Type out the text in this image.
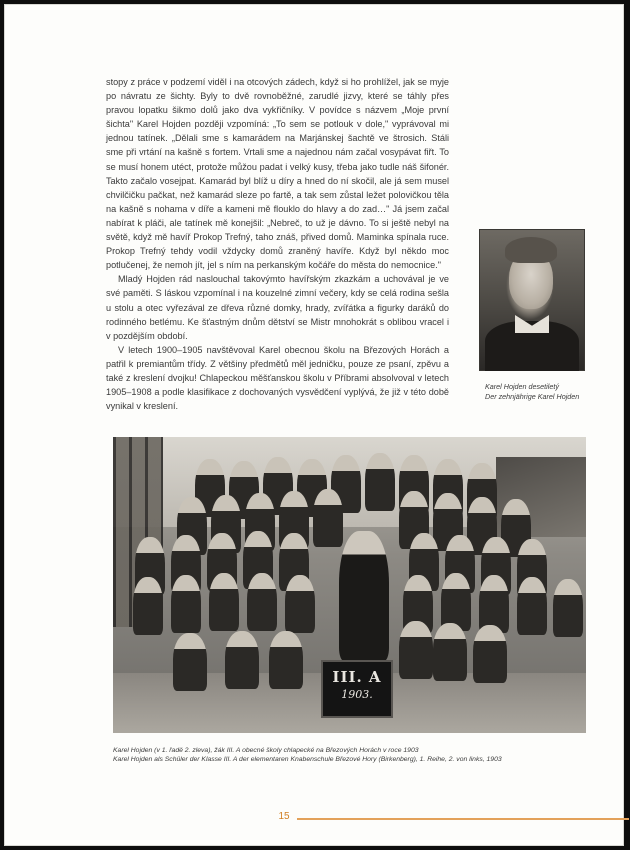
stopy z práce v podzemí viděl i na otcových zádech, když si ho prohlížel, jak se myje po návratu ze šichty. Byly to dvě rovnoběžné, zarudlé jizvy, které se táhly přes pravou lopatku šikmo dolů jako dva vykřičníky. V povídce s názvem „Moje první šichta" Karel Hojden později vzpomíná: „To sem se potlouk v dole," vyprávoval mi jednou tatínek. „Dělali sme s kamarádem na Marjánskej šachtě ve štrosich. Stáli sme při vrtání na kašně s fortem. Vrtali sme a najednou nám začal vosypávat fiřt. To se musí honem utéct, protože můžou padat i velký kusy, třeba jako tudle náš šifonér. Takto začalo vosejpat. Kamarád byl blíž u díry a hned do ní skočil, ale já sem musel chvilčičku pačkat, než kamarád sleze po fartě, a tak sem zůstal ležet polovičkou těla na kašně s nohama v díře a kameni mě flouklo do hlavy a do zad…" Já jsem začal nabírat k pláči, ale tatínek mě konejšil: „Nebreč, to už je dávno. To si ještě nebyl na světě, když mě havíř Prokop Trefný, taho znáš, přived domů. Maminka spínala ruce. Prokop Trefný tehdy vodil vždycky domů zraněný havíře. Když byl někdo moc potlučenej, že nemoh jít, jel s ním na perkanským kočáře do města do nemocnice."

Mladý Hojden rád naslouchal takovýmto havířským zkazkám a uchovával je ve své paměti. S láskou vzpomínal i na kouzelné zimní večery, kdy se celá rodina sešla u stolu a otec vyřezával ze dřeva různé domky, hrady, zvířátka a figurky daráků do rodinného betlému. Ke šťastným dnům dětství se Mistr mnohokrát s oblibou vracel i v pozdějším období.

V letech 1900–1905 navštěvoval Karel obecnou školu na Březových Horách a patřil k premiantům třídy. Z většiny předmětů měl jedničku, pouze ze psaní, zpěvu a také z kreslení dvojku! Chlapeckou měšťanskou školu v Příbrami absolvoval v letech 1905–1908 a podle klasifikace z dochovaných vysvědčení vyplývá, že již v této době vynikal v kreslení.

Karel Hojden desetiletý
Der zehnjährige Karel Hojden
III. A
1903.
Karel Hojden (v 1. řadě 2. zleva), žák III. A obecné školy chlapecké na Březových Horách v roce 1903
Karel Hojden als Schüler der Klasse III. A der elementaren Knabenschule Březové Hory (Birkenberg), 1. Reihe, 2. von links, 1903
15
